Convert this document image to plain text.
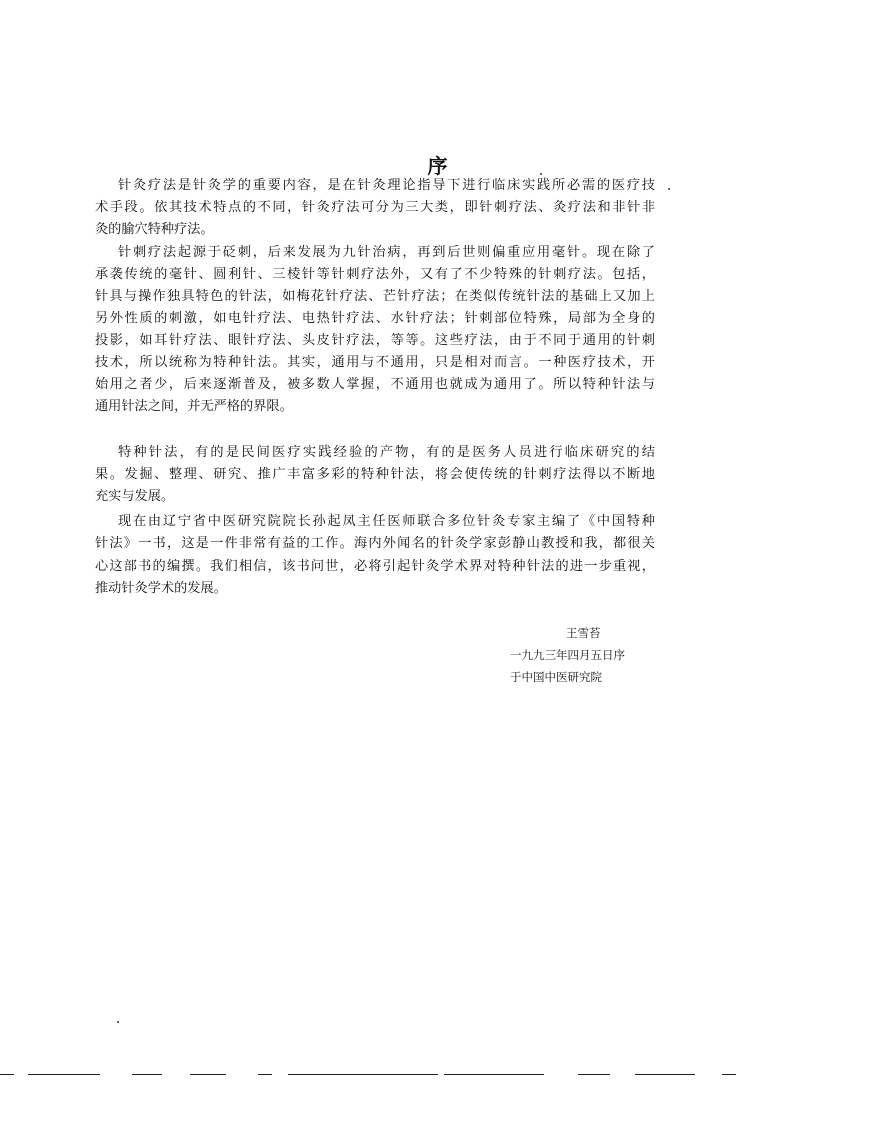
序
针灸疗法是针灸学的重要内容，是在针灸理论指导下进行临床实践所必需的医疗技
术手段。依其技术特点的不同，针灸疗法可分为三大类，即针刺疗法、灸疗法和非针非
灸的腧穴特种疗法。
针刺疗法起源于砭刺，后来发展为九针治病，再到后世则偏重应用毫针。现在除了
承袭传统的毫针、圆利针、三棱针等针刺疗法外，又有了不少特殊的针刺疗法。包括，
针具与操作独具特色的针法，如梅花针疗法、芒针疗法；在类似传统针法的基础上又加上
另外性质的刺激，如电针疗法、电热针疗法、水针疗法；针刺部位特殊，局部为全身的
投影，如耳针疗法、眼针疗法、头皮针疗法，等等。这些疗法，由于不同于通用的针刺
技术，所以统称为特种针法。其实，通用与不通用，只是相对而言。一种医疗技术，开
始用之者少，后来逐渐普及，被多数人掌握，不通用也就成为通用了。所以特种针法与
通用针法之间，并无严格的界限。
特种针法，有的是民间医疗实践经验的产物，有的是医务人员进行临床研究的结
果。发掘、整理、研究、推广丰富多彩的特种针法，将会使传统的针刺疗法得以不断地
充实与发展。
现在由辽宁省中医研究院院长孙起凤主任医师联合多位针灸专家主编了《中国特种
针法》一书，这是一件非常有益的工作。海内外闻名的针灸学家彭静山教授和我，都很关
心这部书的编撰。我们相信，该书问世，必将引起针灸学术界对特种针法的进一步重视，
推动针灸学术的发展。
王雪苔
一九九三年四月五日序
于中国中医研究院
